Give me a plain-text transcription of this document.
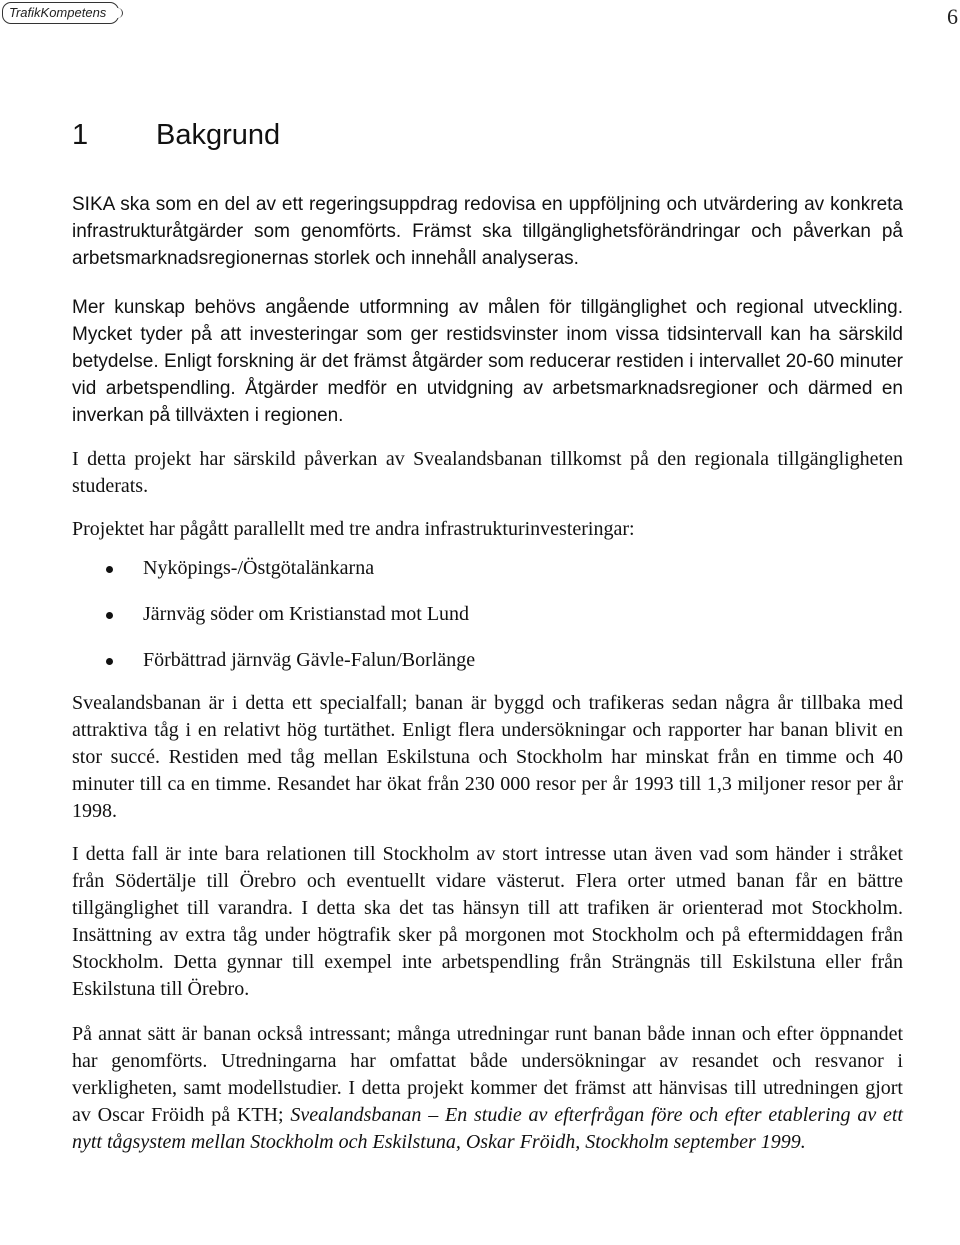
TrafikKompetens	6
1 Bakgrund

SIKA ska som en del av ett regeringsuppdrag redovisa en uppföljning och utvärdering av konkreta infrastrukturåtgärder som genomförts. Främst ska tillgänglighetsförändringar och påverkan på arbetsmarknadsregionernas storlek och innehåll analyseras.

Mer kunskap behövs angående utformning av målen för tillgänglighet och regional utveckling. Mycket tyder på att investeringar som ger restidsvinster inom vissa tidsintervall kan ha särskild betydelse. Enligt forskning är det främst åtgärder som reducerar restiden i intervallet 20-60 minuter vid arbetspendling. Åtgärder medför en utvidgning av arbetsmarknadsregioner och därmed en inverkan på tillväxten i regionen.

I detta projekt har särskild påverkan av Svealandsbanan tillkomst på den regionala tillgängligheten studerats.

Projektet har pågått parallellt med tre andra infrastrukturinvesteringar:

Nyköpings-/Östgötalänkarna
Järnväg söder om Kristianstad mot Lund
Förbättrad järnväg Gävle-Falun/Borlänge

Svealandsbanan är i detta ett specialfall; banan är byggd och trafikeras sedan några år tillbaka med attraktiva tåg i en relativt hög turtäthet. Enligt flera undersökningar och rapporter har banan blivit en stor succé. Restiden med tåg mellan Eskilstuna och Stockholm har minskat från en timme och 40 minuter till ca en timme. Resandet har ökat från 230 000 resor per år 1993 till 1,3 miljoner resor per år 1998.

I detta fall är inte bara relationen till Stockholm av stort intresse utan även vad som händer i stråket från Södertälje till Örebro och eventuellt vidare västerut. Flera orter utmed banan får en bättre tillgänglighet till varandra. I detta ska det tas hänsyn till att trafiken är orienterad mot Stockholm. Insättning av extra tåg under högtrafik sker på morgonen mot Stockholm och på eftermiddagen från Stockholm. Detta gynnar till exempel inte arbetspendling från Strängnäs till Eskilstuna eller från Eskilstuna till Örebro.

På annat sätt är banan också intressant; många utredningar runt banan både innan och efter öppnandet har genomförts. Utredningarna har omfattat både undersökningar av resandet och resvanor i verkligheten, samt modellstudier. I detta projekt kommer det främst att hänvisas till utredningen gjort av Oscar Fröidh på KTH; Svealandsbanan – En studie av efterfrågan före och efter etablering av ett nytt tågsystem mellan Stockholm och Eskilstuna, Oskar Fröidh, Stockholm september 1999.
